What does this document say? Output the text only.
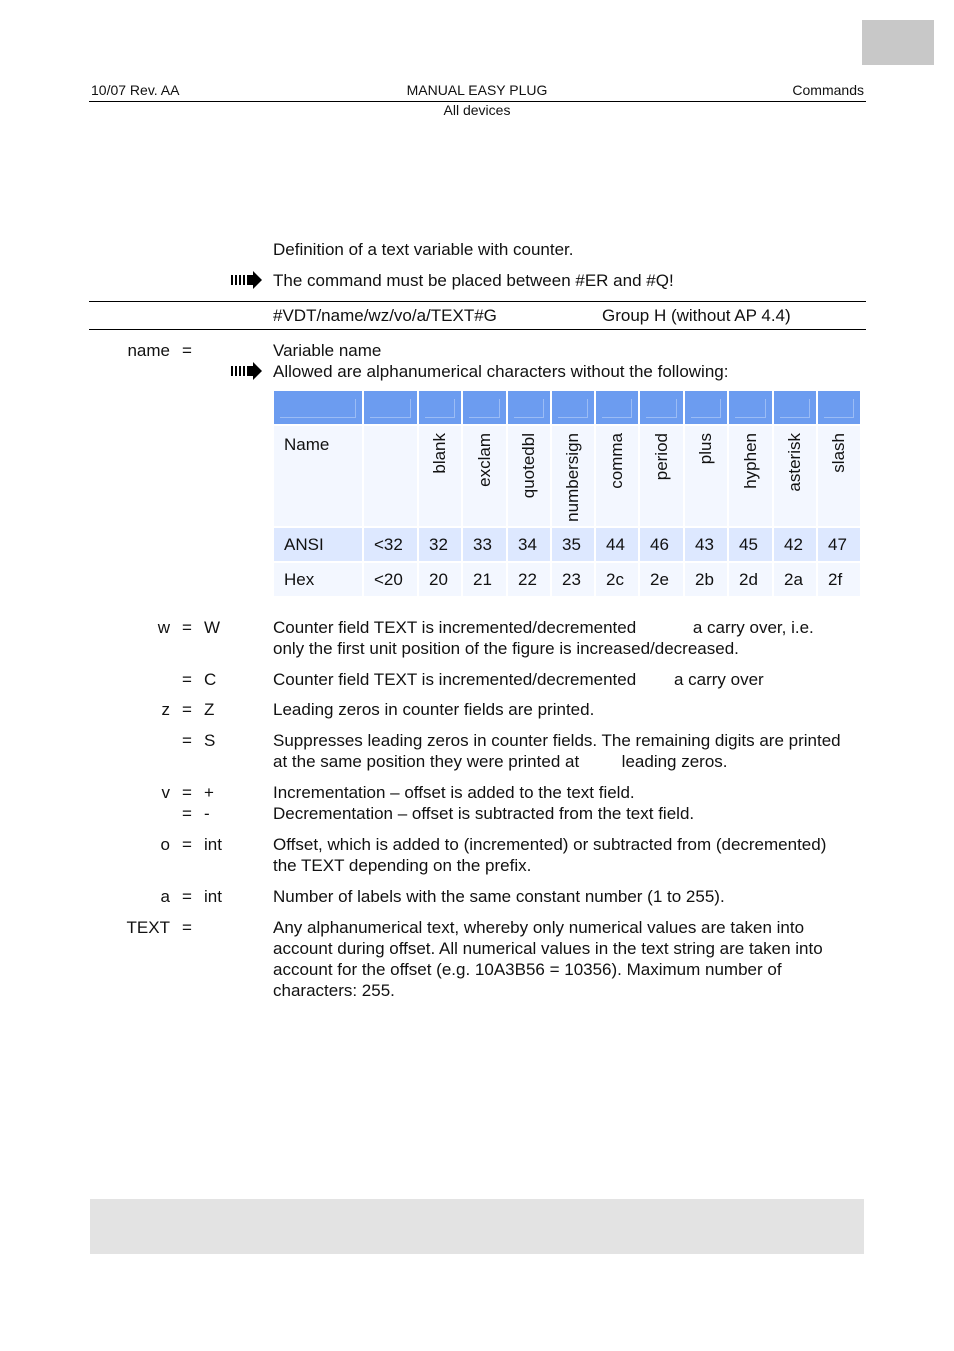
10/07 Rev. AA	MANUAL EASY PLUG	Commands
All devices
Definition of a text variable with counter.
The command must be placed between #ER and #Q!
#VDT/name/wz/vo/a/TEXT#G	Group H (without AP 4.4)
name =	Variable name
Allowed are alphanumerical characters without the following:

Name		blank	exclam	quotedbl	numbersign	comma	period	plus	hyphen	asterisk	slash

ANSI	<32	32	33	34	35	44	46	43	45	42	47
Hex	<20	20	21	22	23	2c	2e	2b	2d	2a	2f
w = W	Counter field TEXT is incremented/decremented            a carry over, i.e.
only the first unit position of the figure is increased/decreased.
= C	Counter field TEXT is incremented/decremented        a carry over
z = Z	Leading zeros in counter fields are printed.
= S	Suppresses leading zeros in counter fields. The remaining digits are printed
at the same position they were printed at         leading zeros.
v = +	Incrementation – offset is added to the text field.
= -	Decrementation – offset is subtracted from the text field.
o = int	Offset, which is added to (incremented) or subtracted from (decremented)
the TEXT depending on the prefix.
a = int	Number of labels with the same constant number (1 to 255).
TEXT =	Any alphanumerical text, whereby only numerical values are taken into
account during offset. All numerical values in the text string are taken into
account for the offset (e.g. 10A3B56 = 10356). Maximum number of
characters: 255.
